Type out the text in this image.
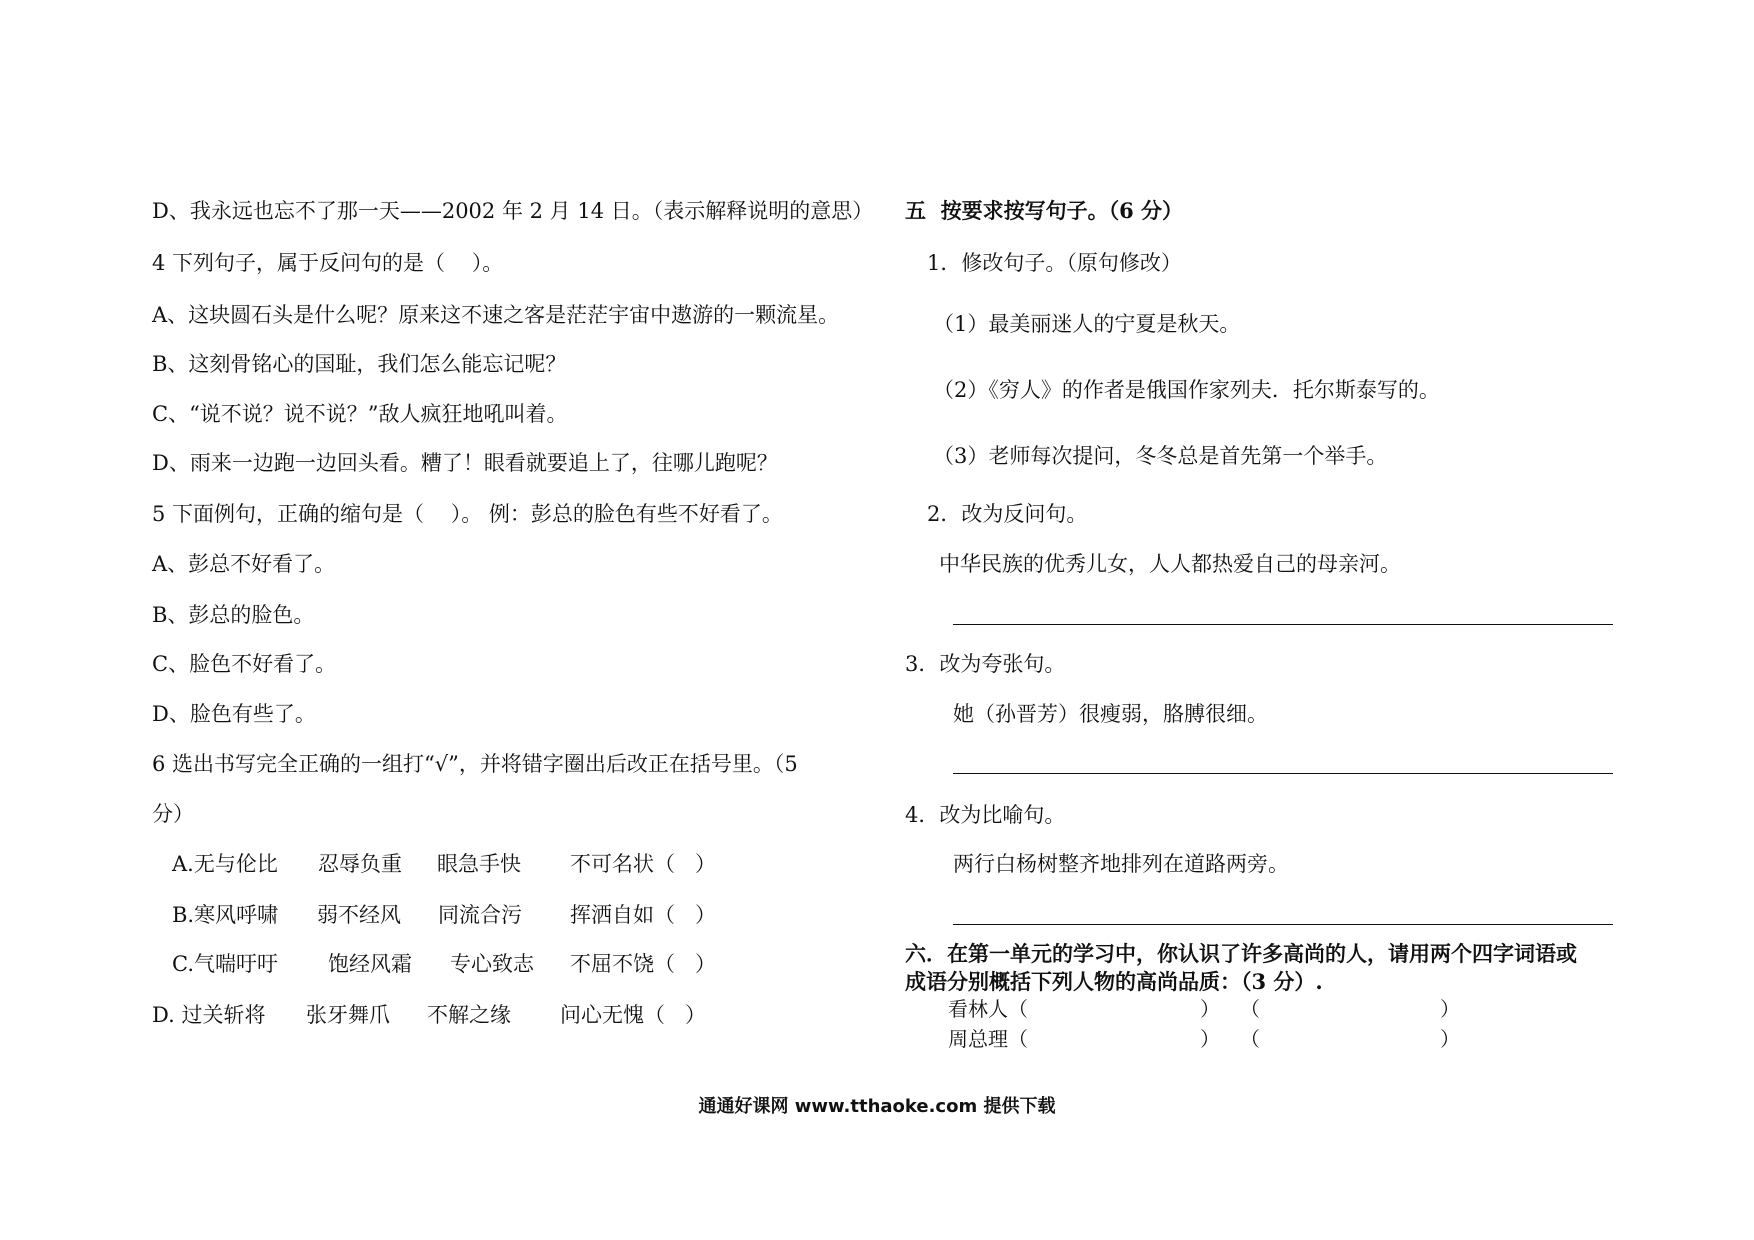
D、我永远也忘不了那一天——2002 年 2 月 14 日。（表示解释说明的意思）
4 下列句子，属于反问句的是（    ）。
A、这块圆石头是什么呢？原来这不速之客是茫茫宇宙中遨游的一颗流星。
B、这刻骨铭心的国耻，我们怎么能忘记呢？
C、“说不说？说不说？”敌人疯狂地吼叫着。
D、雨来一边跑一边回头看。糟了！眼看就要追上了，往哪儿跑呢？
5 下面例句，正确的缩句是（    ）。 例：彭总的脸色有些不好看了。
A、彭总不好看了。
B、彭总的脸色。
C、脸色不好看了。
D、脸色有些了。
6 选出书写完全正确的一组打“√”，并将错字圈出后改正在括号里。（5
分）
A.无与伦比 忍辱负重 眼急手快 不可名状（   ）
B.寒风呼啸 弱不经风 同流合污 挥洒自如（   ）
C.气喘吁吁 饱经风霜 专心致志 不屈不饶（   ）
D. 过关斩将 张牙舞爪 不解之缘 问心无愧（   ）
五  按要求按写句子。（6 分）
1．修改句子。（原句修改）
（1）最美丽迷人的宁夏是秋天。
（2）《穷人》的作者是俄国作家列夫．托尔斯泰写的。
（3）老师每次提问，冬冬总是首先第一个举手。
2．改为反问句。
中华民族的优秀儿女，人人都热爱自己的母亲河。
3．改为夸张句。
她（孙晋芳）很瘦弱，胳膊很细。
4．改为比喻句。
两行白杨树整齐地排列在道路两旁。
六．在第一单元的学习中，你认识了许多高尚的人，请用两个四字词语或
成语分别概括下列人物的高尚品质：（3 分）.
看林人（	） （	）
周总理（	） （	）
通通好课网 www.tthaoke.com 提供下载
